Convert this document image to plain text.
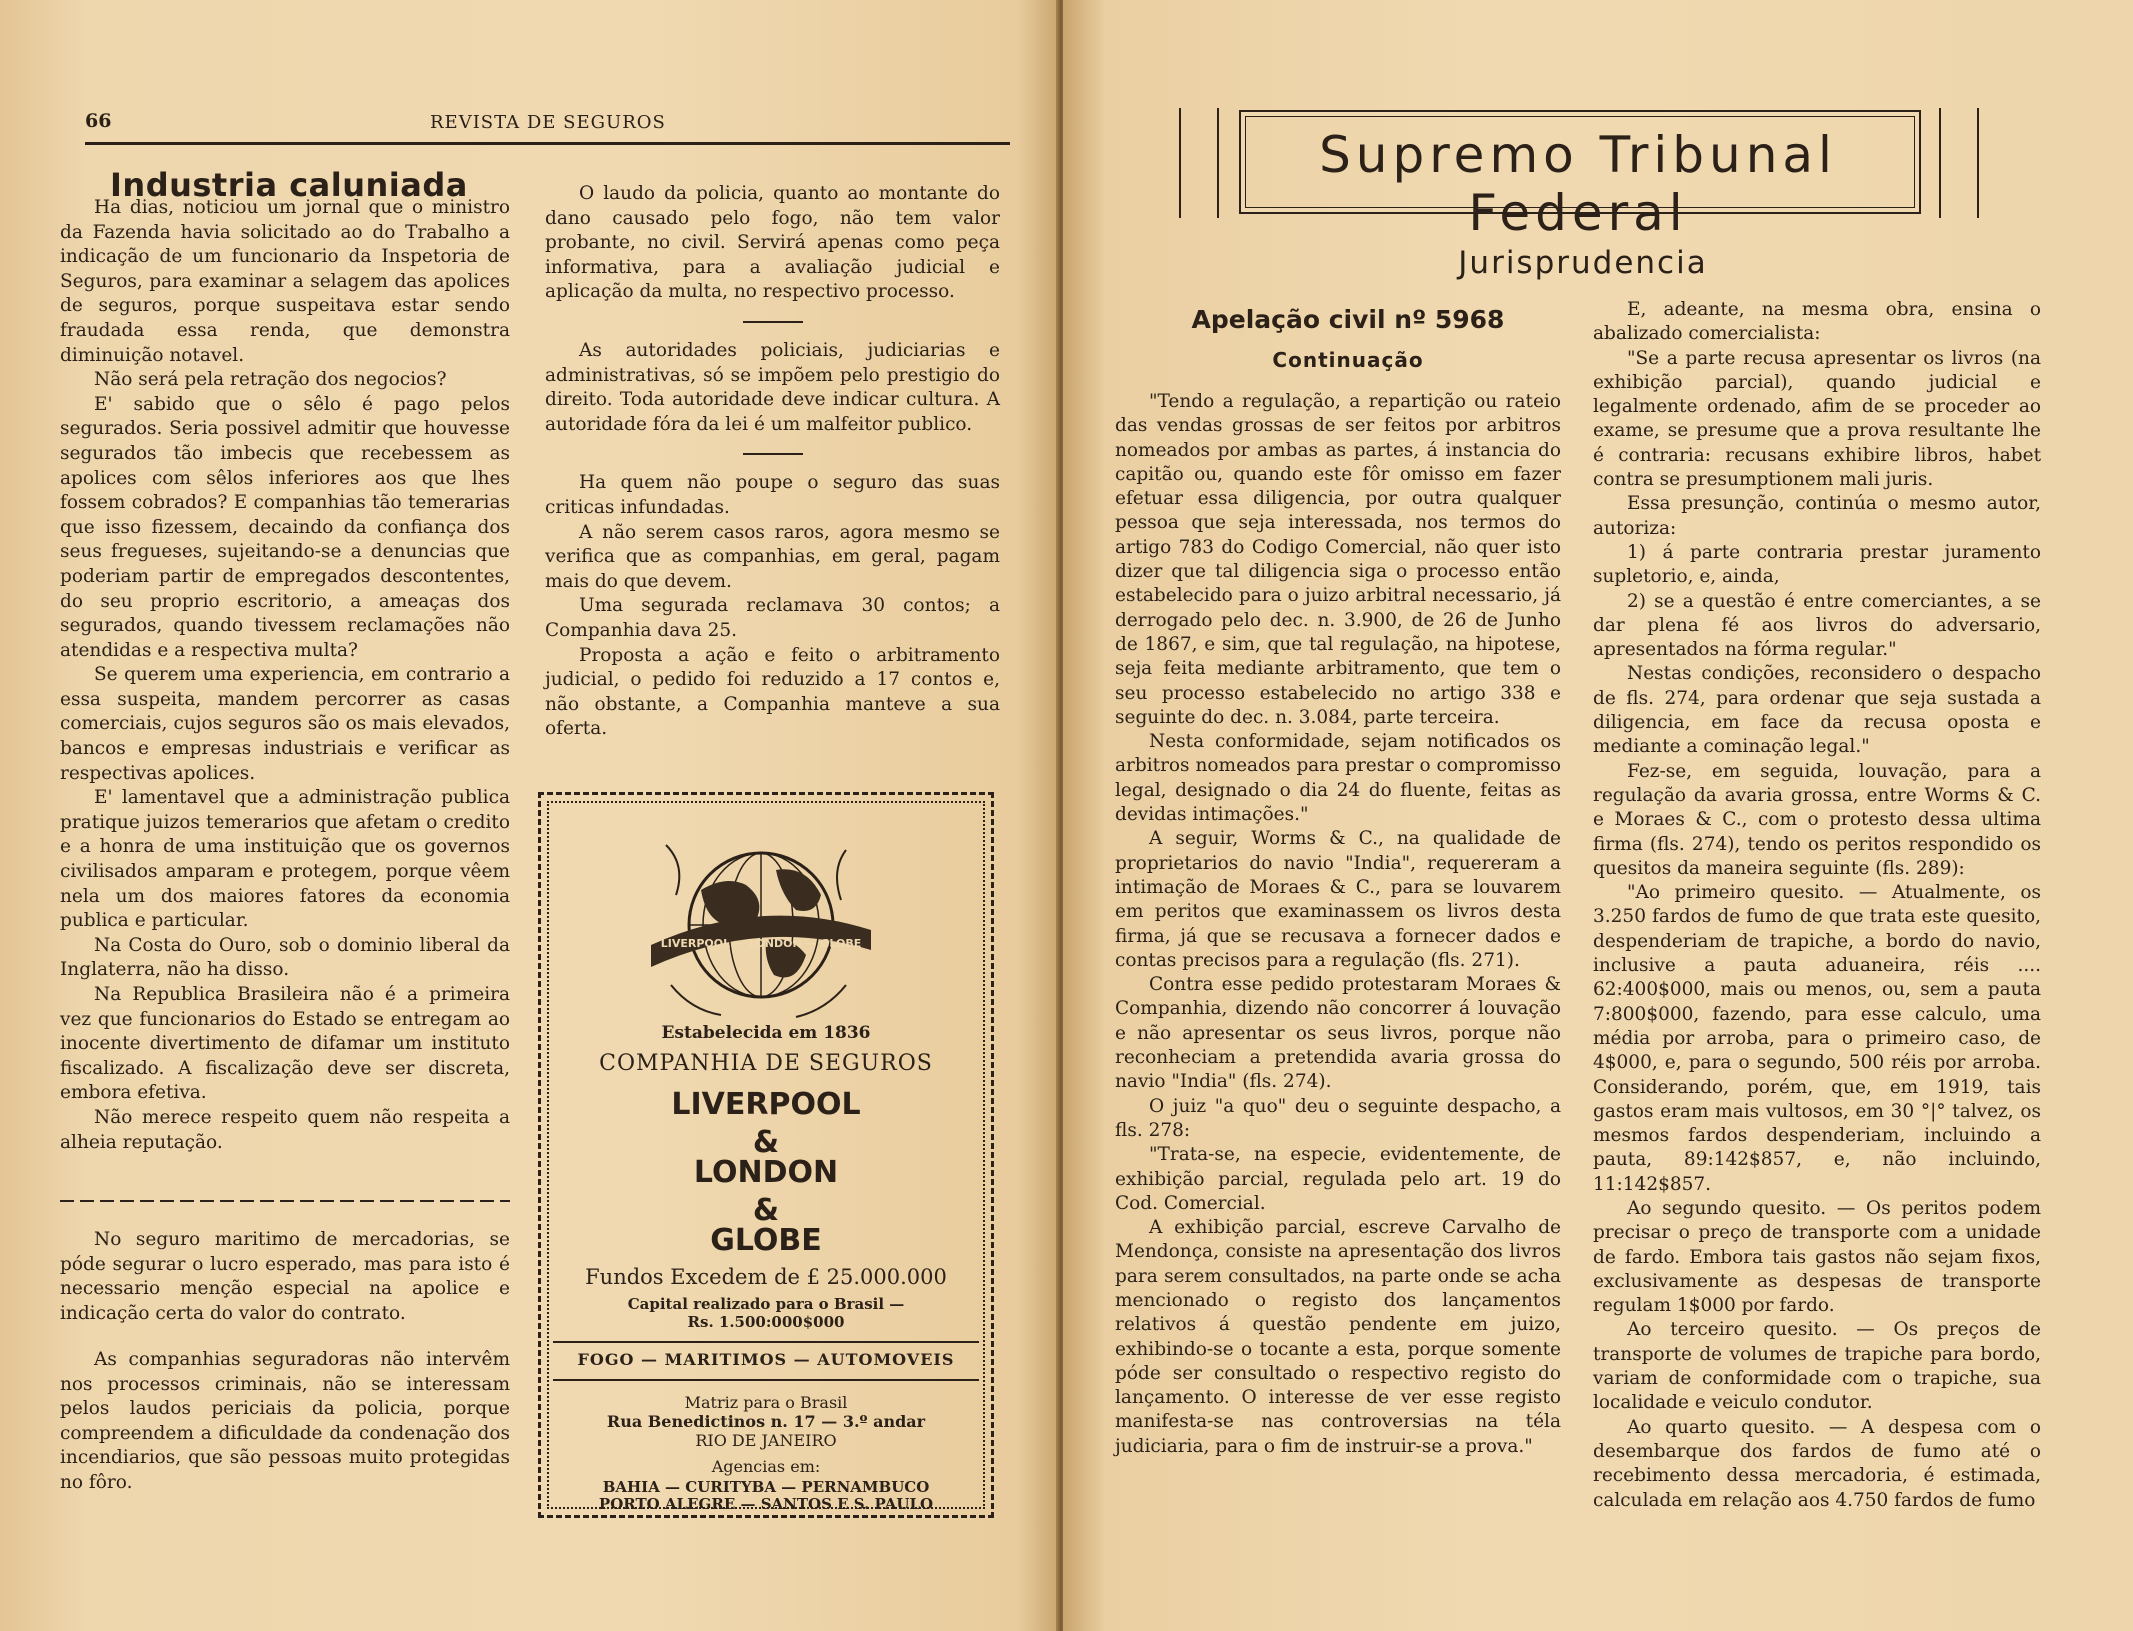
66	REVISTA DE SEGUROS
Industria caluniada

Ha dias, noticiou um jornal que o ministro da Fazenda havia solicitado ao do Trabalho a indicação de um funcionario da Inspetoria de Seguros, para examinar a selagem das apolices de seguros, porque suspeitava estar sendo fraudada essa renda, que demonstra diminuição notavel.

Não será pela retração dos negocios?

E' sabido que o sêlo é pago pelos segurados. Seria possivel admitir que houvesse segurados tão imbecis que recebessem as apolices com sêlos inferiores aos que lhes fossem cobrados? E companhias tão temerarias que isso fizessem, decaindo da confiança dos seus fregueses, sujeitando-se a denuncias que poderiam partir de empregados descontentes, do seu proprio escritorio, a ameaças dos segurados, quando tivessem reclamações não atendidas e a respectiva multa?

Se querem uma experiencia, em contrario a essa suspeita, mandem percorrer as casas comerciais, cujos seguros são os mais elevados, bancos e empresas industriais e verificar as respectivas apolices.

E' lamentavel que a administração publica pratique juizos temerarios que afetam o credito e a honra de uma instituição que os governos civilisados amparam e protegem, porque vêem nela um dos maiores fatores da economia publica e particular.

Na Costa do Ouro, sob o dominio liberal da Inglaterra, não ha disso.

Na Republica Brasileira não é a primeira vez que funcionarios do Estado se entregam ao inocente divertimento de difamar um instituto fiscalizado. A fiscalização deve ser discreta, embora efetiva.

Não merece respeito quem não respeita a alheia reputação.

No seguro maritimo de mercadorias, se póde segurar o lucro esperado, mas para isto é necessario menção especial na apolice e indicação certa do valor do contrato.

As companhias seguradoras não intervêm nos processos criminais, não se interessam pelos laudos periciais da policia, porque compreendem a dificuldade da condenação dos incendiarios, que são pessoas muito protegidas no fôro.

O laudo da policia, quanto ao montante do dano causado pelo fogo, não tem valor probante, no civil. Servirá apenas como peça informativa, para a avaliação judicial e aplicação da multa, no respectivo processo.

As autoridades policiais, judiciarias e administrativas, só se impõem pelo prestigio do direito. Toda autoridade deve indicar cultura. A autoridade fóra da lei é um malfeitor publico.

Ha quem não poupe o seguro das suas criticas infundadas.

A não serem casos raros, agora mesmo se verifica que as companhias, em geral, pagam mais do que devem.

Uma segurada reclamava 30 contos; a Companhia dava 25.

Proposta a ação e feito o arbitramento judicial, o pedido foi reduzido a 17 contos e, não obstante, a Companhia manteve a sua oferta.

LIVERPOOL — LONDON — GLOBE
Estabelecida em 1836
COMPANHIA DE SEGUROS
LIVERPOOL
&
LONDON
&
GLOBE
Fundos Excedem de £ 25.000.000
Capital realizado para o Brasil —
Rs. 1.500:000$000
FOGO — MARITIMOS — AUTOMOVEIS
Matriz para o Brasil
Rua Benedictinos n. 17 — 3.º andar
RIO DE JANEIRO
Agencias em:
BAHIA — CURITYBA — PERNAMBUCO
PORTO ALEGRE — SANTOS E S. PAULO
Supremo Tribunal Federal
Jurisprudencia
Apelação civil nº 5968
Continuação

"Tendo a regulação, a repartição ou rateio das vendas grossas de ser feitos por arbitros nomeados por ambas as partes, á instancia do capitão ou, quando este fôr omisso em fazer efetuar essa diligencia, por outra qualquer pessoa que seja interessada, nos termos do artigo 783 do Codigo Comercial, não quer isto dizer que tal diligencia siga o processo então estabelecido para o juizo arbitral necessario, já derrogado pelo dec. n. 3.900, de 26 de Junho de 1867, e sim, que tal regulação, na hipotese, seja feita mediante arbitramento, que tem o seu processo estabelecido no artigo 338 e seguinte do dec. n. 3.084, parte terceira.

Nesta conformidade, sejam notificados os arbitros nomeados para prestar o compromisso legal, designado o dia 24 do fluente, feitas as devidas intimações."

A seguir, Worms & C., na qualidade de proprietarios do navio "India", requereram a intimação de Moraes & C., para se louvarem em peritos que examinassem os livros desta firma, já que se recusava a fornecer dados e contas precisos para a regulação (fls. 271).

Contra esse pedido protestaram Moraes & Companhia, dizendo não concorrer á louvação e não apresentar os seus livros, porque não reconheciam a pretendida avaria grossa do navio "India" (fls. 274).

O juiz "a quo" deu o seguinte despacho, a fls. 278:

"Trata-se, na especie, evidentemente, de exhibição parcial, regulada pelo art. 19 do Cod. Comercial.

A exhibição parcial, escreve Carvalho de Mendonça, consiste na apresentação dos livros para serem consultados, na parte onde se acha mencionado o registo dos lançamentos relativos á questão pendente em juizo, exhibindo-se o tocante a esta, porque somente póde ser consultado o respectivo registo do lançamento. O interesse de ver esse registo manifesta-se nas controversias na téla judiciaria, para o fim de instruir-se a prova."

E, adeante, na mesma obra, ensina o abalizado comercialista:

"Se a parte recusa apresentar os livros (na exhibição parcial), quando judicial e legalmente ordenado, afim de se proceder ao exame, se presume que a prova resultante lhe é contraria: recusans exhibire libros, habet contra se presumptionem mali juris.

Essa presunção, continúa o mesmo autor, autoriza:

1) á parte contraria prestar juramento supletorio, e, ainda,

2) se a questão é entre comerciantes, a se dar plena fé aos livros do adversario, apresentados na fórma regular."

Nestas condições, reconsidero o despacho de fls. 274, para ordenar que seja sustada a diligencia, em face da recusa oposta e mediante a cominação legal."

Fez-se, em seguida, louvação, para a regulação da avaria grossa, entre Worms & C. e Moraes & C., com o protesto dessa ultima firma (fls. 274), tendo os peritos respondido os quesitos da maneira seguinte (fls. 289):

"Ao primeiro quesito. — Atualmente, os 3.250 fardos de fumo de que trata este quesito, despenderiam de trapiche, a bordo do navio, inclusive a pauta aduaneira, réis .... 62:400$000, mais ou menos, ou, sem a pauta 7:800$000, fazendo, para esse calculo, uma média por arroba, para o primeiro caso, de 4$000, e, para o segundo, 500 réis por arroba. Considerando, porém, que, em 1919, tais gastos eram mais vultosos, em 30 °|° talvez, os mesmos fardos despenderiam, incluindo a pauta, 89:142$857, e, não incluindo, 11:142$857.

Ao segundo quesito. — Os peritos podem precisar o preço de transporte com a unidade de fardo. Embora tais gastos não sejam fixos, exclusivamente as despesas de transporte regulam 1$000 por fardo.

Ao terceiro quesito. — Os preços de transporte de volumes de trapiche para bordo, variam de conformidade com o trapiche, sua localidade e veiculo condutor.

Ao quarto quesito. — A despesa com o desembarque dos fardos de fumo até o recebimento dessa mercadoria, é estimada, calculada em relação aos 4.750 fardos de fumo
